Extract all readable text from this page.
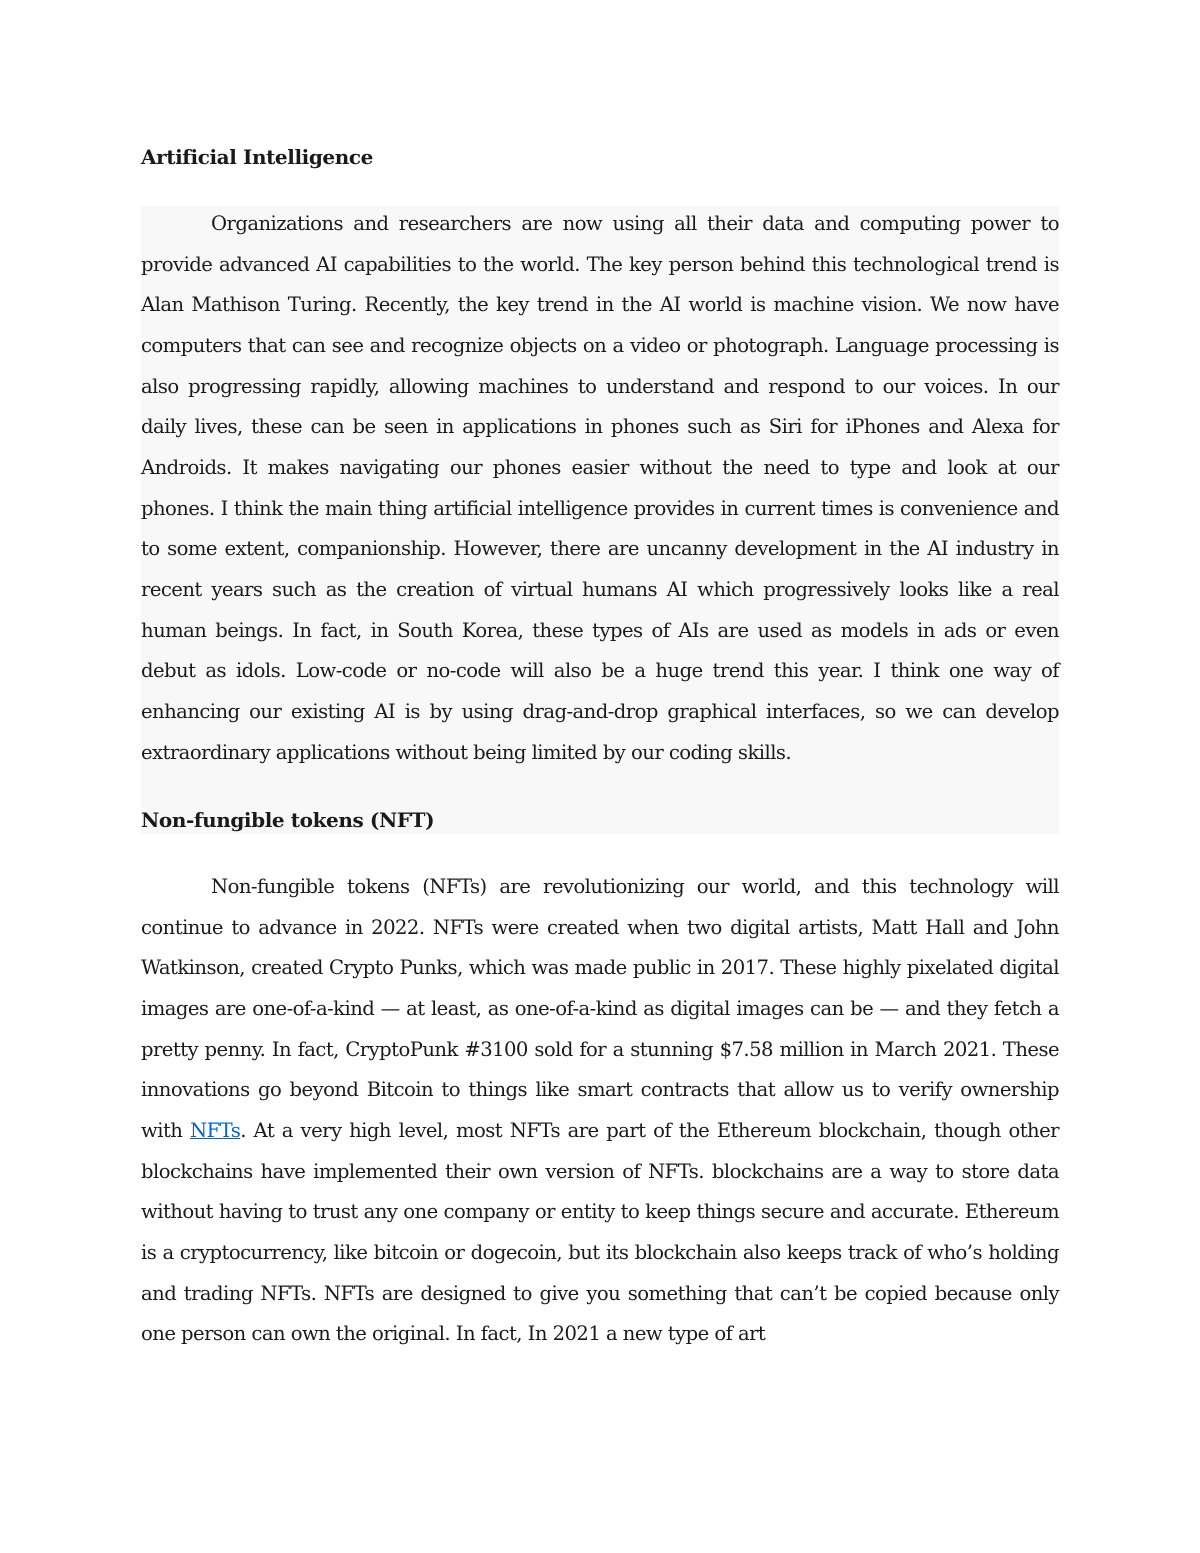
Artificial Intelligence

Organizations and researchers are now using all their data and computing power to provide advanced AI capabilities to the world. The key person behind this technological trend is Alan Mathison Turing. Recently, the key trend in the AI world is machine vision. We now have computers that can see and recognize objects on a video or photograph. Language processing is also progressing rapidly, allowing machines to understand and respond to our voices. In our daily lives, these can be seen in applications in phones such as Siri for iPhones and Alexa for Androids. It makes navigating our phones easier without the need to type and look at our phones. I think the main thing artificial intelligence provides in current times is convenience and to some extent, companionship. However, there are uncanny development in the AI industry in recent years such as the creation of virtual humans AI which progressively looks like a real human beings. In fact, in South Korea, these types of AIs are used as models in ads or even debut as idols. Low-code or no-code will also be a huge trend this year. I think one way of enhancing our existing AI is by using drag-and-drop graphical interfaces, so we can develop extraordinary applications without being limited by our coding skills.

Non-fungible tokens (NFT)

Non-fungible tokens (NFTs) are revolutionizing our world, and this technology will continue to advance in 2022. NFTs were created when two digital artists, Matt Hall and John Watkinson, created Crypto Punks, which was made public in 2017. These highly pixelated digital images are one-of-a-kind — at least, as one-of-a-kind as digital images can be — and they fetch a pretty penny. In fact, CryptoPunk #3100 sold for a stunning $7.58 million in March 2021. These innovations go beyond Bitcoin to things like smart contracts that allow us to verify ownership with NFTs. At a very high level, most NFTs are part of the Ethereum blockchain, though other blockchains have implemented their own version of NFTs. blockchains are a way to store data without having to trust any one company or entity to keep things secure and accurate. Ethereum is a cryptocurrency, like bitcoin or dogecoin, but its blockchain also keeps track of who’s holding and trading NFTs. NFTs are designed to give you something that can’t be copied because only one person can own the original. In fact, In 2021 a new type of art
